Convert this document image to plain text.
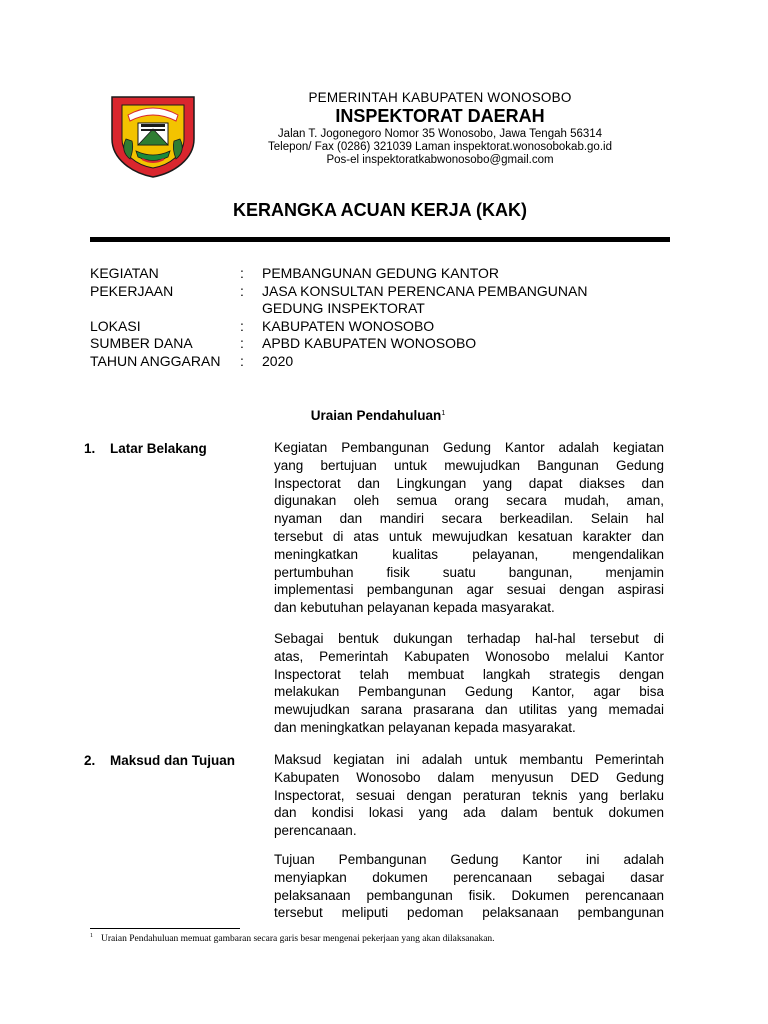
PEMERINTAH KABUPATEN WONOSOBO
INSPEKTORAT DAERAH
Jalan T. Jogonegoro Nomor 35 Wonosobo, Jawa Tengah 56314
Telepon/ Fax (0286) 321039 Laman inspektorat.wonosobokab.go.id
Pos-el inspektoratkabwonosobo@gmail.com
KERANGKA ACUAN KERJA (KAK)
KEGIATAN	:	PEMBANGUNAN GEDUNG KANTOR
PEKERJAAN	:	JASA KONSULTAN PERENCANA PEMBANGUNAN GEDUNG INSPEKTORAT
LOKASI	:	KABUPATEN WONOSOBO
SUMBER DANA	:	APBD KABUPATEN WONOSOBO
TAHUN ANGGARAN	:	2020
Uraian Pendahuluan$^1$
1. Latar Belakang	Kegiatan Pembangunan Gedung Kantor adalah kegiatan
yang bertujuan untuk mewujudkan Bangunan Gedung
Inspectorat dan Lingkungan yang dapat diakses dan
digunakan oleh semua orang secara mudah, aman,
nyaman dan mandiri secara berkeadilan. Selain hal
tersebut di atas untuk mewujudkan kesatuan karakter dan
meningkatkan kualitas pelayanan, mengendalikan
pertumbuhan fisik suatu bangunan, menjamin
implementasi pembangunan agar sesuai dengan aspirasi
dan kebutuhan pelayanan kepada masyarakat.
Sebagai bentuk dukungan terhadap hal-hal tersebut di
atas, Pemerintah Kabupaten Wonosobo melalui Kantor
Inspectorat telah membuat langkah strategis dengan
melakukan Pembangunan Gedung Kantor, agar bisa
mewujudkan sarana prasarana dan utilitas yang memadai
dan meningkatkan pelayanan kepada masyarakat.
2. Maksud dan Tujuan	Maksud kegiatan ini adalah untuk membantu Pemerintah
Kabupaten Wonosobo dalam menyusun DED Gedung
Inspectorat, sesuai dengan peraturan teknis yang berlaku
dan kondisi lokasi yang ada dalam bentuk dokumen
perencanaan.
Tujuan Pembangunan Gedung Kantor ini adalah
menyiapkan dokumen perencanaan sebagai dasar
pelaksanaan pembangunan fisik. Dokumen perencanaan
tersebut meliputi pedoman pelaksanaan pembangunan
$^1$ Uraian Pendahuluan memuat gambaran secara garis besar mengenai pekerjaan yang akan dilaksanakan.
